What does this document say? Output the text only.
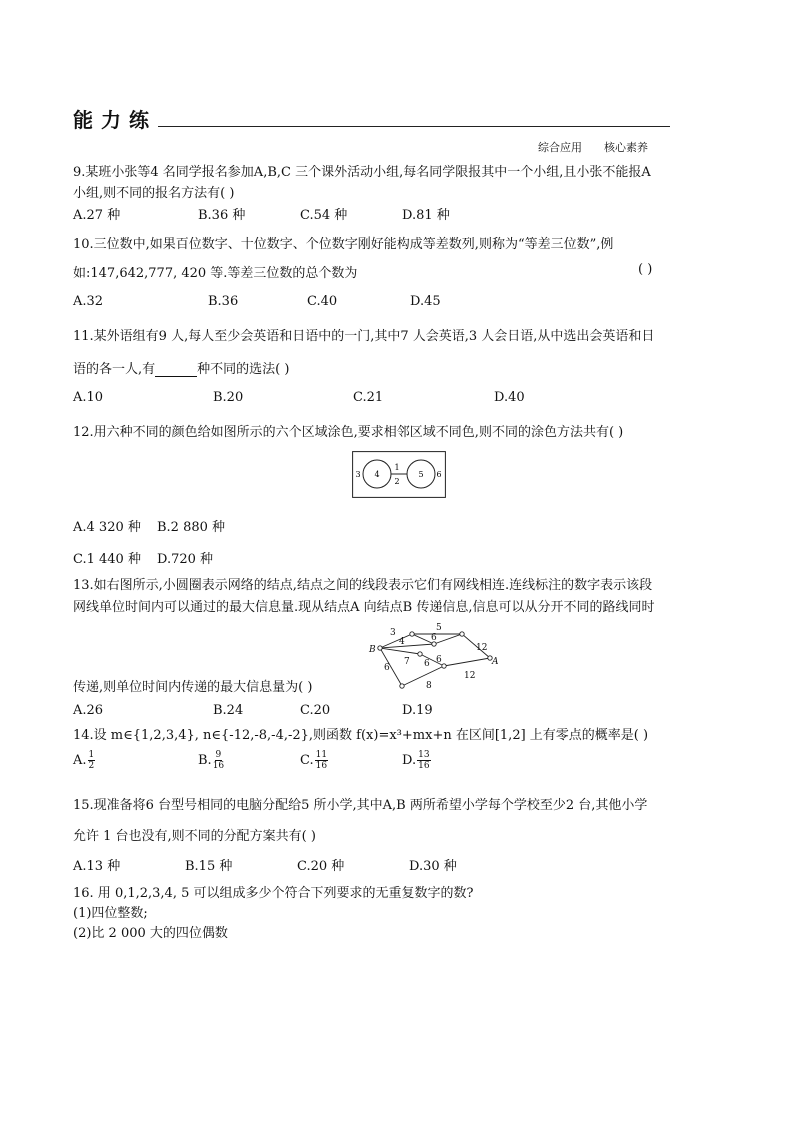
能力练
综合应用 核心素养
9.某班小张等4 名同学报名参加A,B,C 三个课外活动小组,每名同学限报其中一个小组,且小张不能报A
小组,则不同的报名方法有( )
A.27 种	B.36 种	C.54 种	D.81 种
10.三位数中,如果百位数字、十位数字、个位数字刚好能构成等差数列,则称为“等差三位数”,例
如:147,642,777, 420 等.等差三位数的总个数为	( )
A.32	B.36	C.40	D.45
11.某外语组有9 人,每人至少会英语和日语中的一门,其中7 人会英语,3 人会日语,从中选出会英语和日
语的各一人,有	种不同的选法( )
A.10	B.20	C.21	D.40
12.用六种不同的颜色给如图所示的六个区域涂色,要求相邻区域不同色,则不同的涂色方法共有( )
1
2
3 4	5 6
A.4 320 种 B.2 880 种
C.1 440 种 D.720 种
13.如右图所示,小圆圈表示网络的结点,结点之间的线段表示它们有网线相连.连线标注的数字表示该段
网线单位时间内可以通过的最大信息量.现从结点A 向结点B 传递信息,信息可以从分开不同的路线同时
B
A
3
4
5
6
6
12
7	6
6
12
8
传递,则单位时间内传递的最大信息量为( )
A.26	B.24	C.20	D.19
14.设 m∈{1,2,3,4}, n∈{-12,-8,-4,-2},则函数 f(x)=x³+mx+n 在区间[1,2] 上有零点的概率是( )
A. $\frac{1}{2}$	B. $\frac{9}{16}$	C. $\frac{11}{16}$	D. $\frac{13}{16}$
15.现准备将6 台型号相同的电脑分配给5 所小学,其中A,B 两所希望小学每个学校至少2 台,其他小学
允许 1 台也没有,则不同的分配方案共有( )
A.13 种	B.15 种	C.20 种	D.30 种
16. 用 0,1,2,3,4, 5 可以组成多少个符合下列要求的无重复数字的数?
(1)四位整数;
(2)比 2 000 大的四位偶数
